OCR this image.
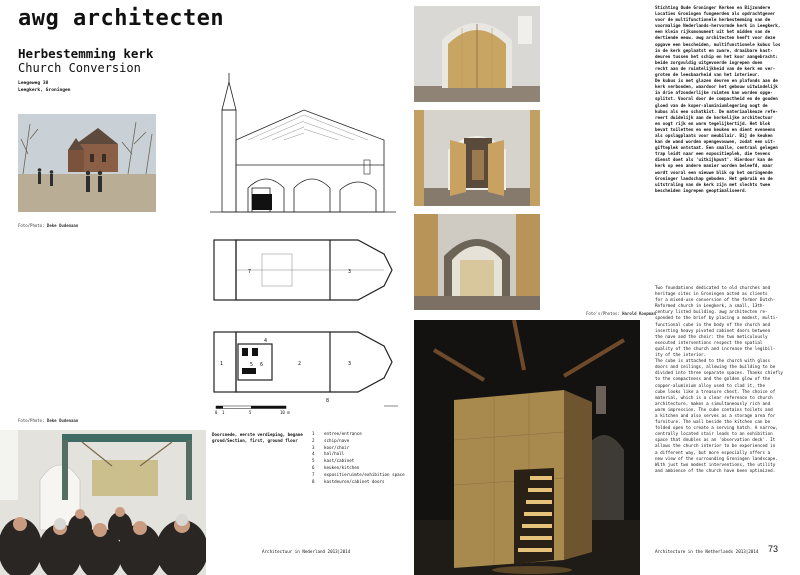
awg architecten
Herbestemming kerk
Church Conversion
Leegeweg 38
Leegkerk, Groningen
Foto/Photo: Deke Oudenaan
7	3
1
4
2	3
5 6
8
0 1	5	10 m
Foto/Photo: Deke Oudenaan
Doorsnede, eerste verdieping, begane
grond/Section, first, ground floor
1 entree/entrance
2 schip/nave
3 koor/choir
4 hal/hall
5 kast/cabinet
6 keuken/kitchen
7 expositieruimte/exhibition space
8 kastdeuren/cabinet doors
Architectuur in Nederland 2013|2014
Foto's/Photos: Harold Koopman
Stichting Oude Groninger Kerken en Bijzondere
Locaties Groningen fungeerden als opdrachtgever
voor de multifunctionele herbestemming van de
voormalige Nederlands-hervormde kerk in Leegkerk,
een klein rijksmonument uit het midden van de
dertiende eeuw. awg architecten heeft voor deze
opgave een bescheiden, multifunctionele kubus los
in de kerk geplaatst en zware, draaibare kast-
deuren tussen het schip en het koor aangebracht:
beide zorgvuldig uitgevoerde ingrepen doen
recht aan de ruimtelijkheid van de kerk en ver-
groten de leesbaarheid van het interieur.
De kubus is met glazen deuren en plafonds aan de
kerk verbonden, waardoor het gebouw uitwindelijk
in drie afzonderlijke ruimten kan worden opge-
splitst. Vooral door de compactheid en de gouden
gloed van de koper-aluminiumlegering oogt de
kubus als een schatkist. De materiaalkeuze refe-
reert duidelijk aan de kerkelijke architectuur
en oogt rijk en warm tegelijkertijd. Het blok
bevat toiletten en een keuken en dient eveneens
als opslagplaats voor meubilair. Bij de keuken
kan de wand worden opengevouwen, zodat een uit-
gifteplek ontstaat. Een smalle, centraal gelegen
trap leidt naar een expositieplek, die tevens
dienst doet als 'uitkijkpunt'. Hierdoor kan de
kerk op een andere manier worden beleefd, maar
wordt vooral een nieuwe blik op het omringende
Groninger landschap geboden. Het gebruik en de
uitstraling van de kerk zijn met slechts twee
bescheiden ingrepen geoptimaliseerd.
Two foundations dedicated to old churches and
heritage sites in Groningen acted as clients
for a mixed-use conversion of the former Dutch-
Reformed church in Leegkerk, a small, 13th-
century listed building. awg architecten re-
sponded to the brief by placing a modest, multi-
functional cube in the body of the church and
inserting heavy pivoted cabinet doors between
the nave and the choir: the two meticulously
executed interventions respect the spatial
quality of the church and increase the legibil-
ity of the interior.
The cube is attached to the church with glass
doors and ceilings, allowing the building to be
divided into three separate spaces. Thanks chiefly
to the compactness and the golden glow of the
copper-aluminium alloy used to clad it, the
cube looks like a treasure chest. The choice of
material, which is a clear reference to church
architecture, makes a simultaneously rich and
warm impression. The cube contains toilets and
a kitchen and also serves as a storage area for
furniture. The wall beside the kitchen can be
folded open to create a serving hatch. A narrow,
centrally located stair leads to an exhibition
space that doubles as an 'observation deck'. It
allows the church interior to be experienced in
a different way, but more especially offers a
new view of the surrounding Groningen landscape.
With just two modest interventions, the utility
and ambience of the church have been optimized.
Architecture in the Netherlands 2013|2014 73
